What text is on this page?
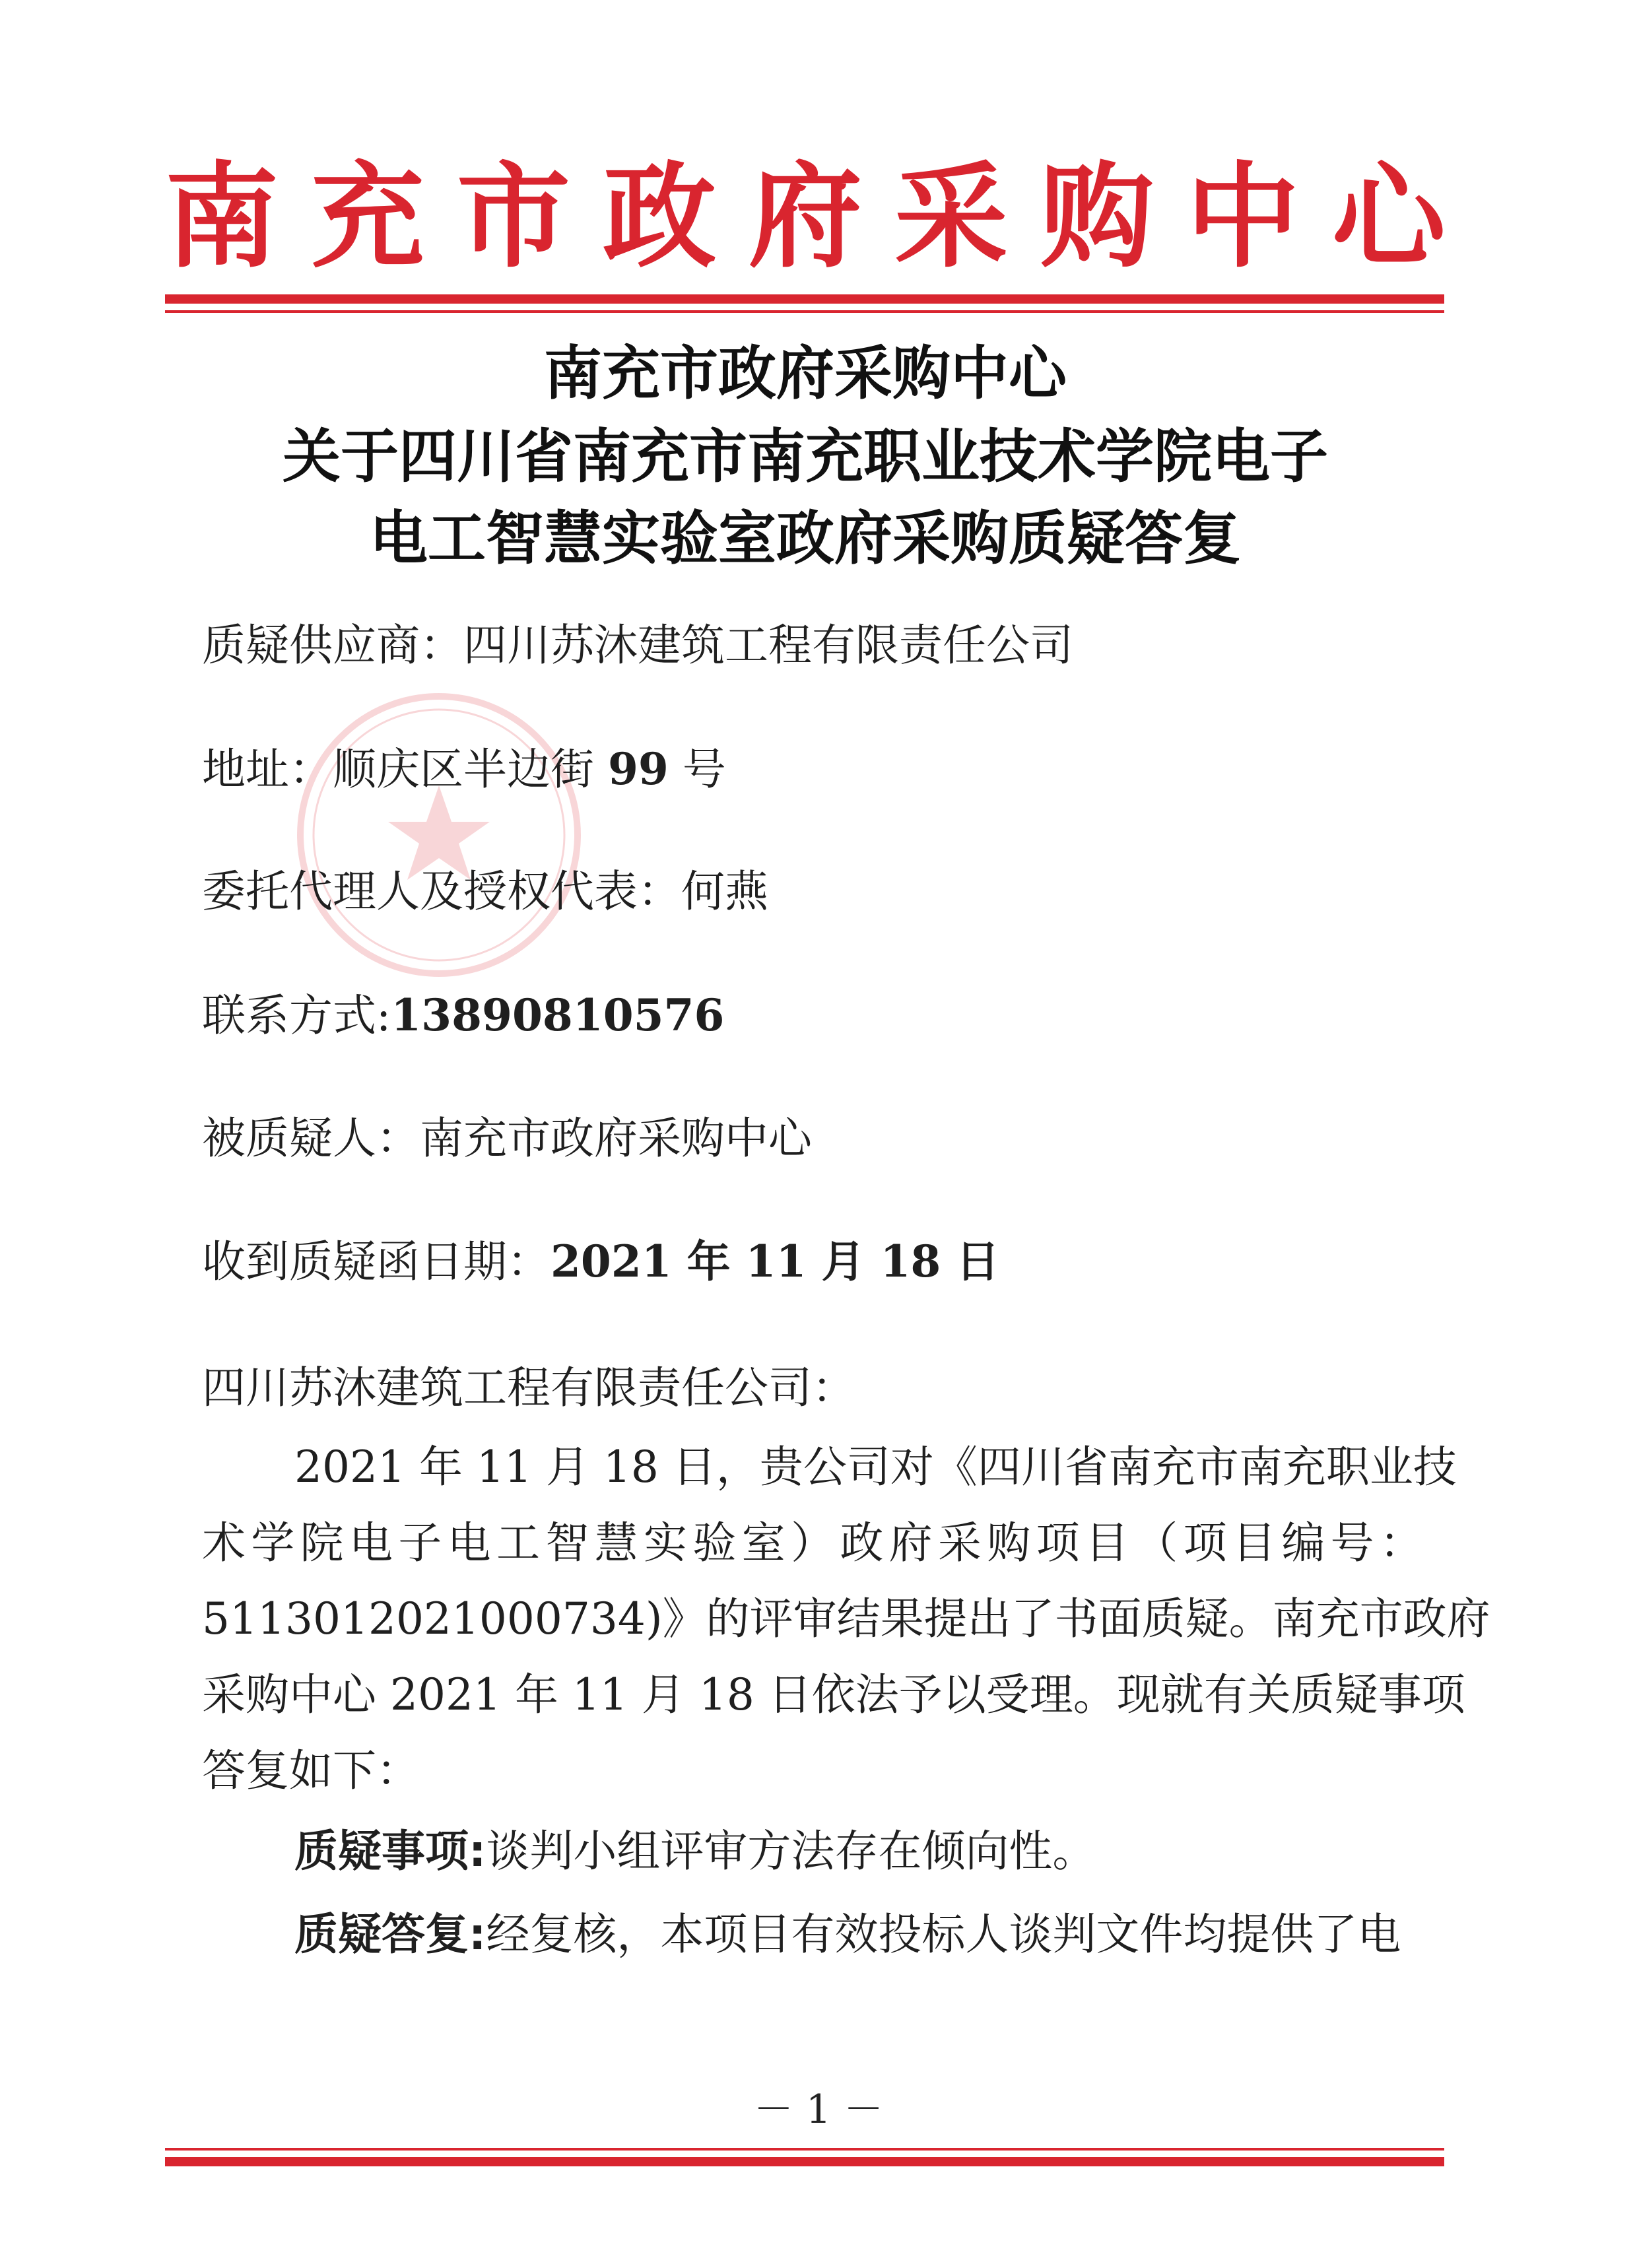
南 充 市 政 府 采 购 中 心
南充市政府采购中心
关于四川省南充市南充职业技术学院电子
电工智慧实验室政府采购质疑答复
质疑供应商：四川苏沐建筑工程有限责任公司
地址：顺庆区半边街 99 号
委托代理人及授权代表：何燕
联系方式:13890810576
被质疑人：南充市政府采购中心
收到质疑函日期：2021 年 11 月 18 日
四川苏沐建筑工程有限责任公司：
2021 年 11 月 18 日，贵公司对《四川省南充市南充职业技
术学院电子电工智慧实验室）政府采购项目（项目编号：
5113012021000734)》的评审结果提出了书面质疑。南充市政府
采购中心 2021 年 11 月 18 日依法予以受理。现就有关质疑事项
答复如下：
质疑事项:谈判小组评审方法存在倾向性。
质疑答复:经复核，本项目有效投标人谈判文件均提供了电
－ 1 －
